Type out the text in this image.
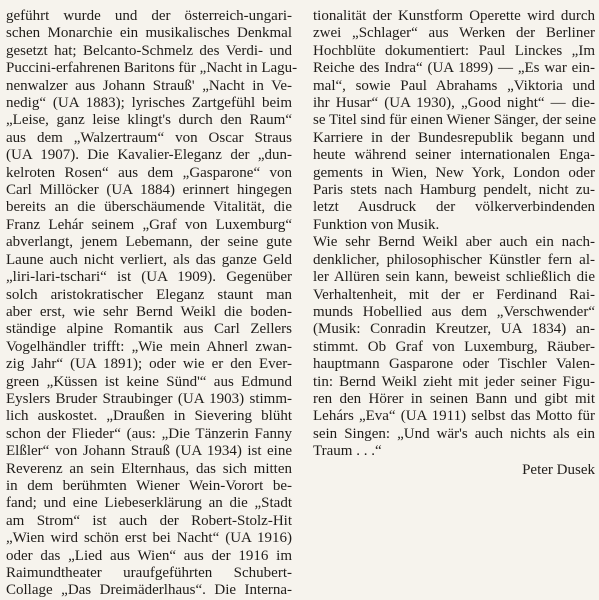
geführt wurde und der österreich-ungari-
schen Monarchie ein musikalisches Denkmal
gesetzt hat; Belcanto-Schmelz des Verdi- und
Puccini-erfahrenen Baritons für „Nacht in Lagu-
nenwalzer aus Johann Strauß' „Nacht in Ve-
nedig“ (UA 1883); lyrisches Zartgefühl beim
„Leise, ganz leise klingt's durch den Raum“
aus dem „Walzertraum“ von Oscar Straus
(UA 1907). Die Kavalier-Eleganz der „dun-
kelroten Rosen“ aus dem „Gasparone“ von
Carl Millöcker (UA 1884) erinnert hingegen
bereits an die überschäumende Vitalität, die
Franz Lehár seinem „Graf von Luxemburg“
abverlangt, jenem Lebemann, der seine gute
Laune auch nicht verliert, als das ganze Geld
„liri-lari-tschari“ ist (UA 1909). Gegenüber
solch aristokratischer Eleganz staunt man
aber erst, wie sehr Bernd Weikl die boden-
ständige alpine Romantik aus Carl Zellers
Vogelhändler trifft: „Wie mein Ahnerl zwan-
zig Jahr“ (UA 1891); oder wie er den Ever-
green „Küssen ist keine Sünd'“ aus Edmund
Eyslers Bruder Straubinger (UA 1903) stimm-
lich auskostet. „Draußen in Sievering blüht
schon der Flieder“ (aus: „Die Tänzerin Fanny
Elßler“ von Johann Strauß (UA 1934) ist eine
Reverenz an sein Elternhaus, das sich mitten
in dem berühmten Wiener Wein-Vorort be-
fand; und eine Liebeserklärung an die „Stadt
am Strom“ ist auch der Robert-Stolz-Hit
„Wien wird schön erst bei Nacht“ (UA 1916)
oder das „Lied aus Wien“ aus der 1916 im
Raimundtheater uraufgeführten Schubert-
Collage „Das Dreimäderlhaus“. Die Interna-
tionalität der Kunstform Operette wird durch
zwei „Schlager“ aus Werken der Berliner
Hochblüte dokumentiert: Paul Linckes „Im
Reiche des Indra“ (UA 1899) — „Es war ein-
mal“, sowie Paul Abrahams „Viktoria und
ihr Husar“ (UA 1930), „Good night“ — die-
se Titel sind für einen Wiener Sänger, der seine
Karriere in der Bundesrepublik begann und
heute während seiner internationalen Enga-
gements in Wien, New York, London oder
Paris stets nach Hamburg pendelt, nicht zu-
letzt Ausdruck der völkerverbindenden
Funktion von Musik.
Wie sehr Bernd Weikl aber auch ein nach-
denklicher, philosophischer Künstler fern al-
ler Allüren sein kann, beweist schließlich die
Verhaltenheit, mit der er Ferdinand Rai-
munds Hobellied aus dem „Verschwender“
(Musik: Conradin Kreutzer, UA 1834) an-
stimmt. Ob Graf von Luxemburg, Räuber-
hauptmann Gasparone oder Tischler Valen-
tin: Bernd Weikl zieht mit jeder seiner Figu-
ren den Hörer in seinen Bann und gibt mit
Lehárs „Eva“ (UA 1911) selbst das Motto für
sein Singen: „Und wär's auch nichts als ein
Traum . . .“
Peter Dusek
